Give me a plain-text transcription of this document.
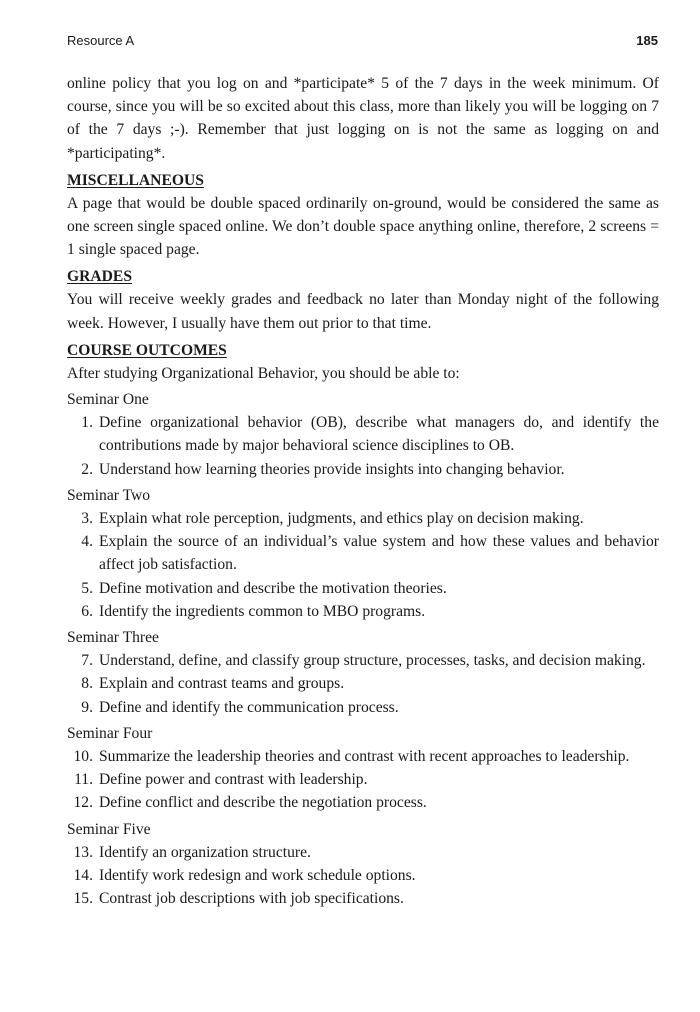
Resource A	185

online policy that you log on and *participate* 5 of the 7 days in the week minimum. Of course, since you will be so excited about this class, more than likely you will be logging on 7 of the 7 days ;-). Remember that just logging on is not the same as logging on and *participating*.

MISCELLANEOUS

A page that would be double spaced ordinarily on-ground, would be considered the same as one screen single spaced online. We don’t double space anything online, therefore, 2 screens = 1 single spaced page.

GRADES

You will receive weekly grades and feedback no later than Monday night of the following week. However, I usually have them out prior to that time.

COURSE OUTCOMES

After studying Organizational Behavior, you should be able to:

Seminar One
1. Define organizational behavior (OB), describe what managers do, and identify the contributions made by major behavioral science disciplines to OB.
2. Understand how learning theories provide insights into changing behavior.
Seminar Two
3. Explain what role perception, judgments, and ethics play on decision making.
4. Explain the source of an individual’s value system and how these values and behavior affect job satisfaction.
5. Define motivation and describe the motivation theories.
6. Identify the ingredients common to MBO programs.
Seminar Three
7. Understand, define, and classify group structure, processes, tasks, and decision making.
8. Explain and contrast teams and groups.
9. Define and identify the communication process.
Seminar Four
10. Summarize the leadership theories and contrast with recent approaches to leadership.
11. Define power and contrast with leadership.
12. Define conflict and describe the negotiation process.
Seminar Five
13. Identify an organization structure.
14. Identify work redesign and work schedule options.
15. Contrast job descriptions with job specifications.
